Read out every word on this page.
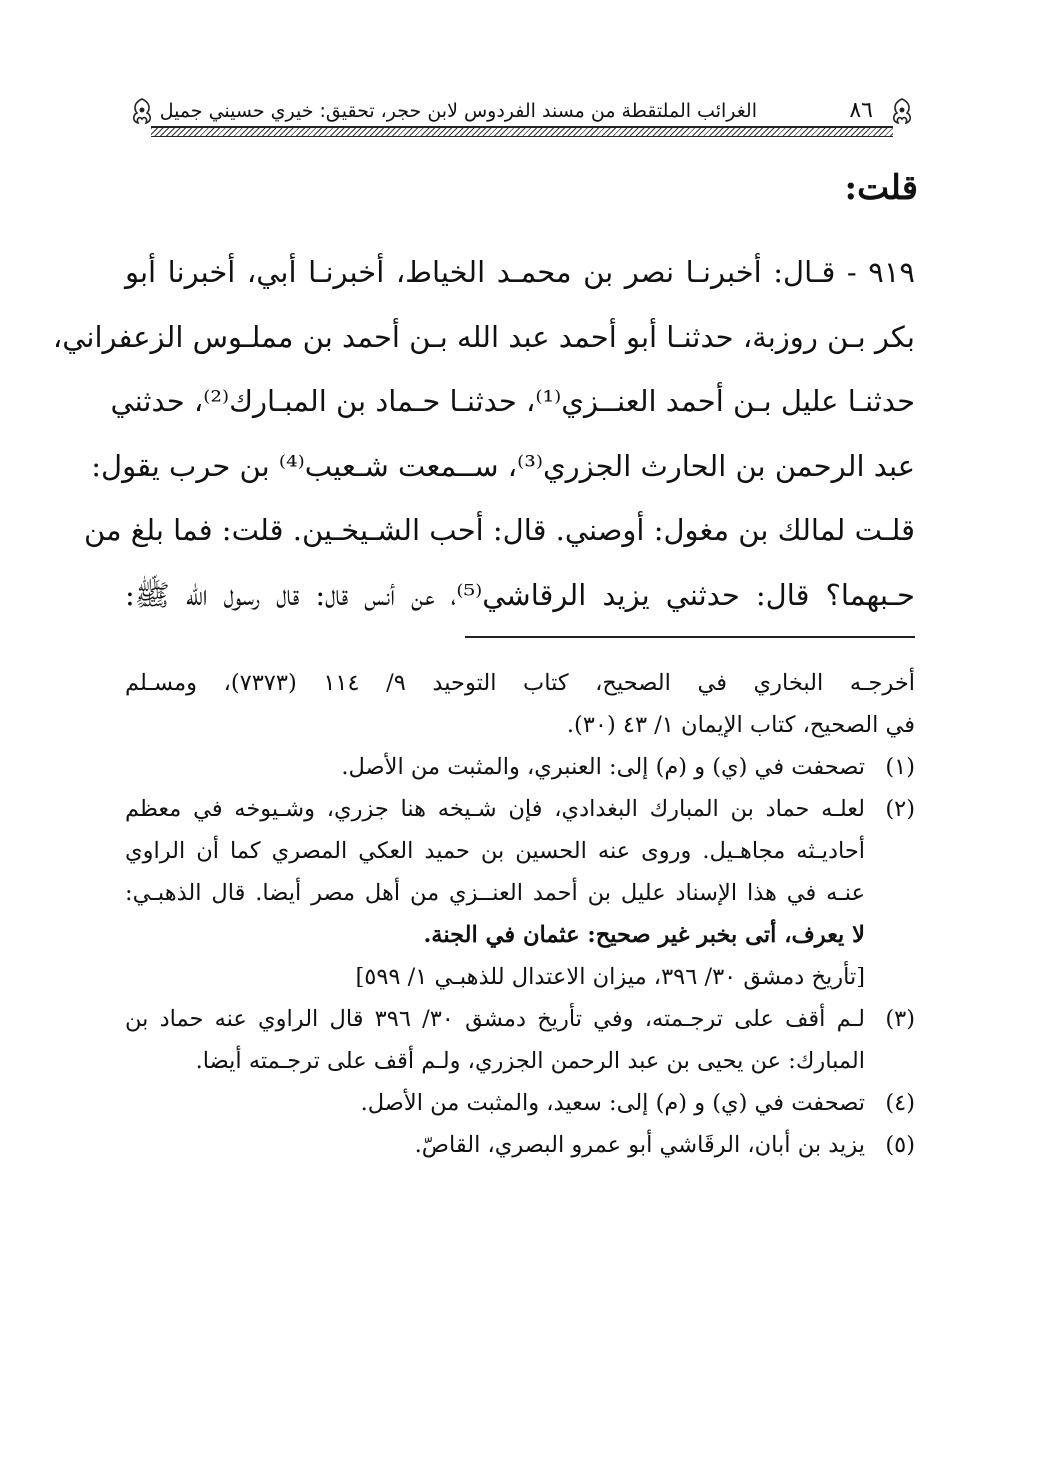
٨٦
الغرائب الملتقطة من مسند الفردوس لابن حجر، تحقيق: خيري حسيني جميل
قلت:
٩١٩ - قـال: أخبرنـا نصر بن محمـد الخياط، أخبرنـا أبي، أخبرنا أبو
بكر بـن روزبة، حدثنـا أبو أحمد عبد الله بـن أحمد بن مملـوس الزعفراني،
حدثنـا عليل بـن أحمد العنــزي⁽¹⁾، حدثنـا حـماد بن المبـارك⁽²⁾، حدثني
عبد الرحمن بن الحارث الجزري⁽³⁾، ســمعت شـعيب⁽⁴⁾ بن حرب يقول:
قلـت لمالك بن مغول: أوصني. قال: أحب الشـيخـين. قلت: فما بلغ من
حـبهما؟ قال: حدثني يزيد الرقاشي⁽⁵⁾، عن أنس قال: قال رسول الله ﷺ:
أخرجـه البخاري في الصحيح، كتاب التوحيد ٩/ ١١٤ (٧٣٧٣)، ومسـلم
في الصحيح، كتاب الإيمان ١/ ٤٣ (٣٠).
(١)
تصحفت في (ي) و (م) إلى: العنبري، والمثبت من الأصل.
(٢)
لعلـه حماد بن المبارك البغدادي، فإن شـيخه هنا جزري، وشـيوخه في معظم
أحاديـثه مجاهـيل. وروى عنه الحسين بن حميد العكي المصري كما أن الراوي
عنـه في هذا الإسناد عليل بن أحمد العنــزي من أهل مصر أيضا. قال الذهبـي:
لا يعرف، أتى بخبر غير صحيح: عثمان في الجنة.
[تأريخ دمشق ٣٠/ ٣٩٦، ميزان الاعتدال للذهبـي ١/ ٥٩٩]
(٣)
لـم أقف على ترجـمته، وفي تأريخ دمشق ٣٠/ ٣٩٦ قال الراوي عنه حماد بن
المبارك: عن يحيى بن عبد الرحمن الجزري، ولـم أقف على ترجـمته أيضا.
(٤)
تصحفت في (ي) و (م) إلى: سعيد، والمثبت من الأصل.
(٥)
يزيد بن أبان، الرقَاشي أبو عمرو البصري، القاصّ.
